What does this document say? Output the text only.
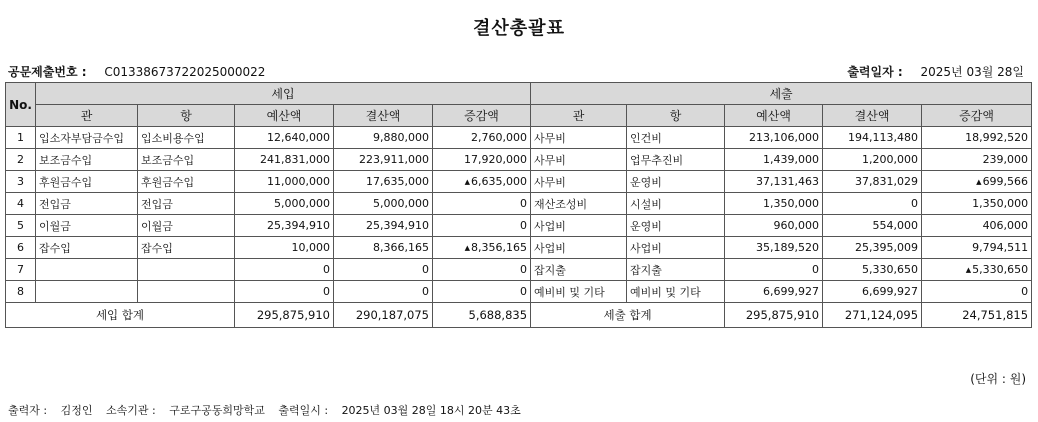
결산총괄표
공문제출번호 : C01338673722025000022	출력일자 : 2025년 03월 28일
No.	세입					세출				
	관	항	예산액	결산액	증감액	관	항	예산액	결산액	증감액
1	입소자부담금수입	입소비용수입	12,640,000	9,880,000	2,760,000	사무비	인건비	213,106,000	194,113,480	18,992,520
2	보조금수입	보조금수입	241,831,000	223,911,000	17,920,000	사무비	업무추진비	1,439,000	1,200,000	239,000
3	후원금수입	후원금수입	11,000,000	17,635,000	▲6,635,000	사무비	운영비	37,131,463	37,831,029	▲699,566
4	전입금	전입금	5,000,000	5,000,000	0	재산조성비	시설비	1,350,000	0	1,350,000
5	이월금	이월금	25,394,910	25,394,910	0	사업비	운영비	960,000	554,000	406,000
6	잡수입	잡수입	10,000	8,366,165	▲8,356,165	사업비	사업비	35,189,520	25,395,009	9,794,511
7			0	0	0	잡지출	잡지출	0	5,330,650	▲5,330,650
8			0	0	0	예비비 및 기타	예비비 및 기타	6,699,927	6,699,927	0
세입 합계			295,875,910	290,187,075	5,688,835	세출 합계		295,875,910	271,124,095	24,751,815
(단위 : 원)
출력자 : 김정인 소속기관 : 구로구공동희망학교 출력일시 : 2025년 03월 28일 18시 20분 43초
